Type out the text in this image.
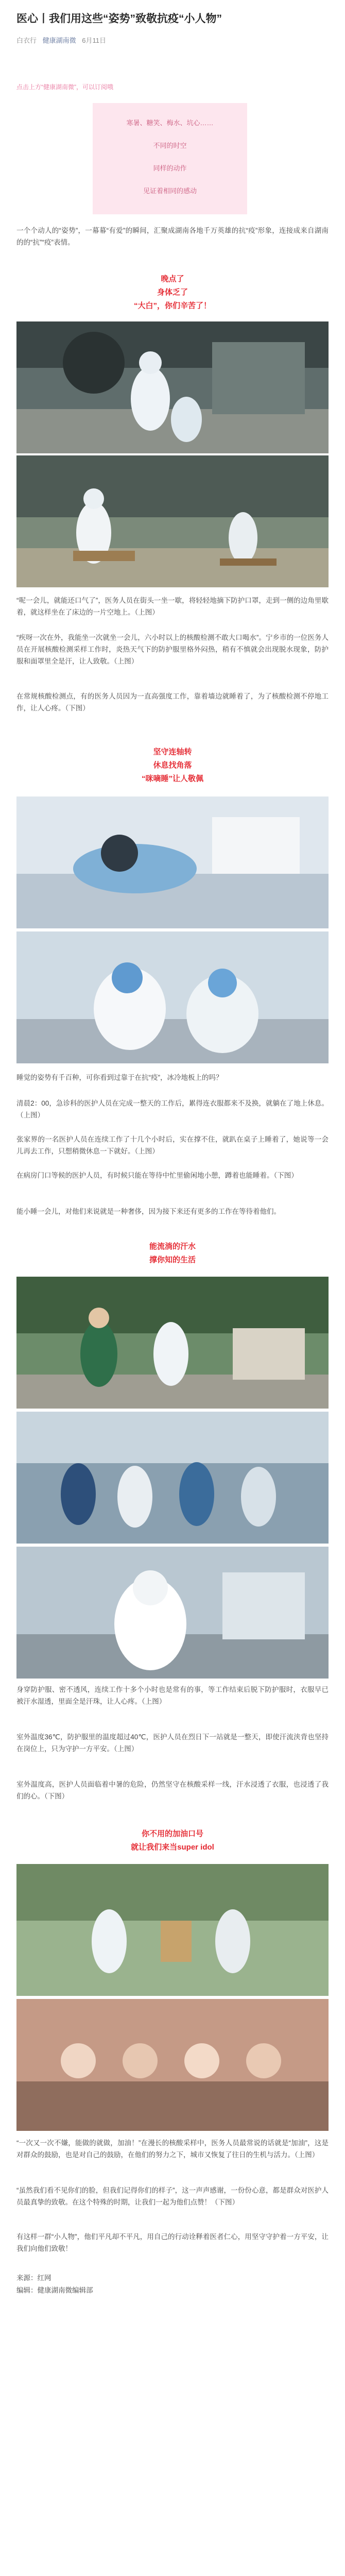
医心丨我们用这些“姿势”致敬抗疫“小人物”
白衣行 健康湖南微 6月11日
点击上方“健康湖南微”，可以订阅哦
寒暑、糖笑、梅水、坑心……
不同的时空
同样的动作
见证着相同的感动

一个个动人的“姿势”，一幕幕“有爱”的瞬间，汇聚成湖南各地千万英雄的抗“疫”形象，连接成来自湖南的的“抗”“疫”表情。

晚点了
身体乏了
“大白”，你们辛苦了！

“呢一会儿，就能还口气了”，医务人员在街头一坐一歇，将轻轻地摘下防护口罩，走到一侧的边角里歇着，就这样坐在了床边的一片空地上。（上图）

“疾呀一次在外，我能坐一次就坐一会儿，六小时以上的核酸检测不敢大口喝水”。宁乡市的一位医务人员在开展核酸检测采样工作时，炎热天气下的防护服里格外闷热，稍有不慎就会出现脱水现象，防护服和面罩里全是汗，让人致敬。（上图）

在常规核酸检测点，有的医务人员因为一直高强度工作，靠着墙边就睡着了，为了核酸检测不停地工作，让人心疼。（下图）

坚守连轴转
休息找角落
“咪嘀睡”让人敬佩

睡觉的姿势有千百种，可你看到过靠于在抗“疫”，冰冷地板上的吗？

清晨2：00，急诊科的医护人员在完成一整天的工作后，累得连衣服都来不及换，就躺在了地上休息。（上图）

张家界的一名医护人员在连续工作了十几个小时后，实在撑不住，就趴在桌子上睡着了，她说等一会儿再去工作，只想稍微休息一下就好。（上图）

在病房门口等候的医护人员，有时候只能在等待中忙里偷闲地小憩，蹲着也能睡着。（下图）

能小睡一会儿，对他们来说就是一种奢侈，因为接下来还有更多的工作在等待着他们。

能流淌的汗水
撑你知的生活

身穿防护服、密不透风，连续工作十多个小时也是常有的事，等工作结束后脱下防护服时，衣服早已被汗水湿透，里面全是汗珠，让人心疼。（上图）

室外温度36℃，防护服里的温度超过40℃，医护人员在烈日下一站就是一整天，即使汗流浃背也坚持在岗位上，只为守护一方平安。（上图）

室外温度高，医护人员面临着中暑的危险，仍然坚守在核酸采样一线，汗水浸透了衣服，也浸透了我们的心。（下图）

你不用的加油口号
就让我们来当super idol

“一次又一次不嫌，能做的就做，加油！”在漫长的核酸采样中，医务人员最常说的话就是“加油”，这是对群众的鼓励，也是对自己的鼓励，在他们的努力之下，城市又恢复了往日的生机与活力。（上图）

“虽然我们看不见你们的脸，但我们记得你们的样子”，这一声声感谢，一份份心意，都是群众对医护人员最真挚的致敬。在这个特殊的时期，让我们一起为他们点赞！（下图）

有这样一群“小人物”，他们平凡却不平凡，用自己的行动诠释着医者仁心，用坚守守护着一方平安，让我们向他们致敬！

来源：红网

编辑：健康湖南微编辑部
